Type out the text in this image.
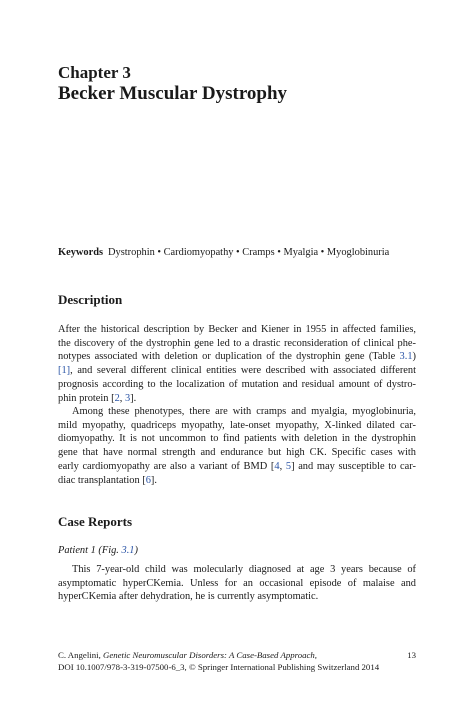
Chapter 3
Becker Muscular Dystrophy
Keywords Dystrophin • Cardiomyopathy • Cramps • Myalgia • Myoglobinuria
Description
After the historical description by Becker and Kiener in 1955 in affected families,
the discovery of the dystrophin gene led to a drastic reconsideration of clinical phe-
notypes associated with deletion or duplication of the dystrophin gene (Table 3.1)
[1], and several different clinical entities were described with associated different
prognosis according to the localization of mutation and residual amount of dystro-
phin protein [2, 3].
Among these phenotypes, there are with cramps and myalgia, myoglobinuria,
mild myopathy, quadriceps myopathy, late-onset myopathy, X-linked dilated car-
diomyopathy. It is not uncommon to find patients with deletion in the dystrophin
gene that have normal strength and endurance but high CK. Specific cases with
early cardiomyopathy are also a variant of BMD [4, 5] and may susceptible to car-
diac transplantation [6].
Case Reports
Patient 1 (Fig. 3.1)
This 7-year-old child was molecularly diagnosed at age 3 years because of
asymptomatic hyperCKemia. Unless for an occasional episode of malaise and
hyperCKemia after dehydration, he is currently asymptomatic.
C. Angelini, Genetic Neuromuscular Disorders: A Case-Based Approach,
DOI 10.1007/978-3-319-07500-6_3, © Springer International Publishing Switzerland 2014
13
